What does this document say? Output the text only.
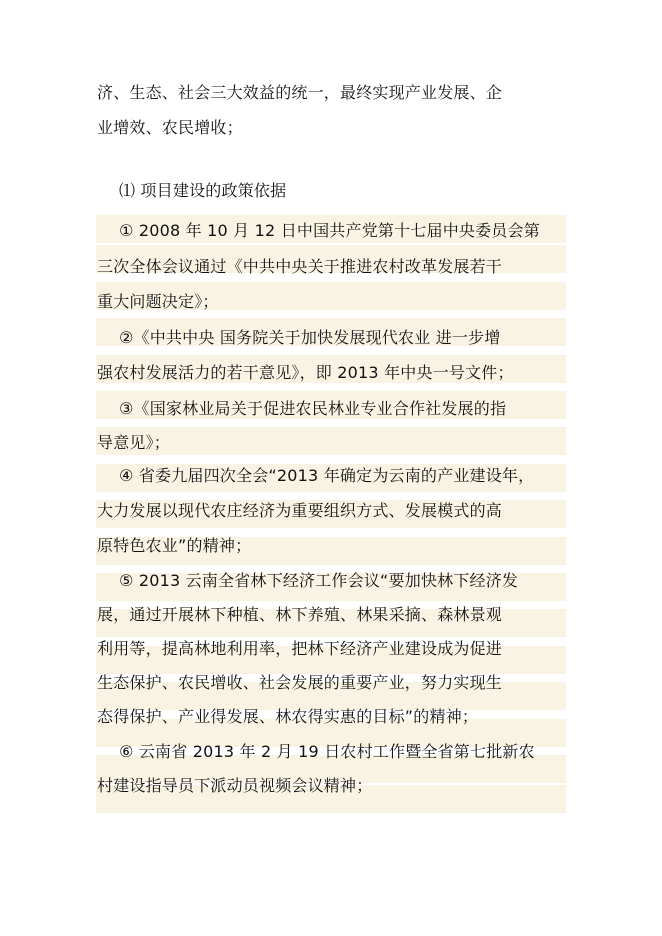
济、生态、社会三大效益的统一，最终实现产业发展、企
业增效、农民增收；
⑴ 项目建设的政策依据
① 2008 年 10 月 12 日中国共产党第十七届中央委员会第
三次全体会议通过《中共中央关于推进农村改革发展若干
重大问题决定》；
②《中共中央 国务院关于加快发展现代农业 进一步增
强农村发展活力的若干意见》，即 2013 年中央一号文件；
③《国家林业局关于促进农民林业专业合作社发展的指
导意见》；
④ 省委九届四次全会“2013 年确定为云南的产业建设年，
大力发展以现代农庄经济为重要组织方式、发展模式的高
原特色农业”的精神；
⑤ 2013 云南全省林下经济工作会议“要加快林下经济发
展，通过开展林下种植、林下养殖、林果采摘、森林景观
利用等，提高林地利用率，把林下经济产业建设成为促进
生态保护、农民增收、社会发展的重要产业，努力实现生
态得保护、产业得发展、林农得实惠的目标”的精神；
⑥ 云南省 2013 年 2 月 19 日农村工作暨全省第七批新农
村建设指导员下派动员视频会议精神；
